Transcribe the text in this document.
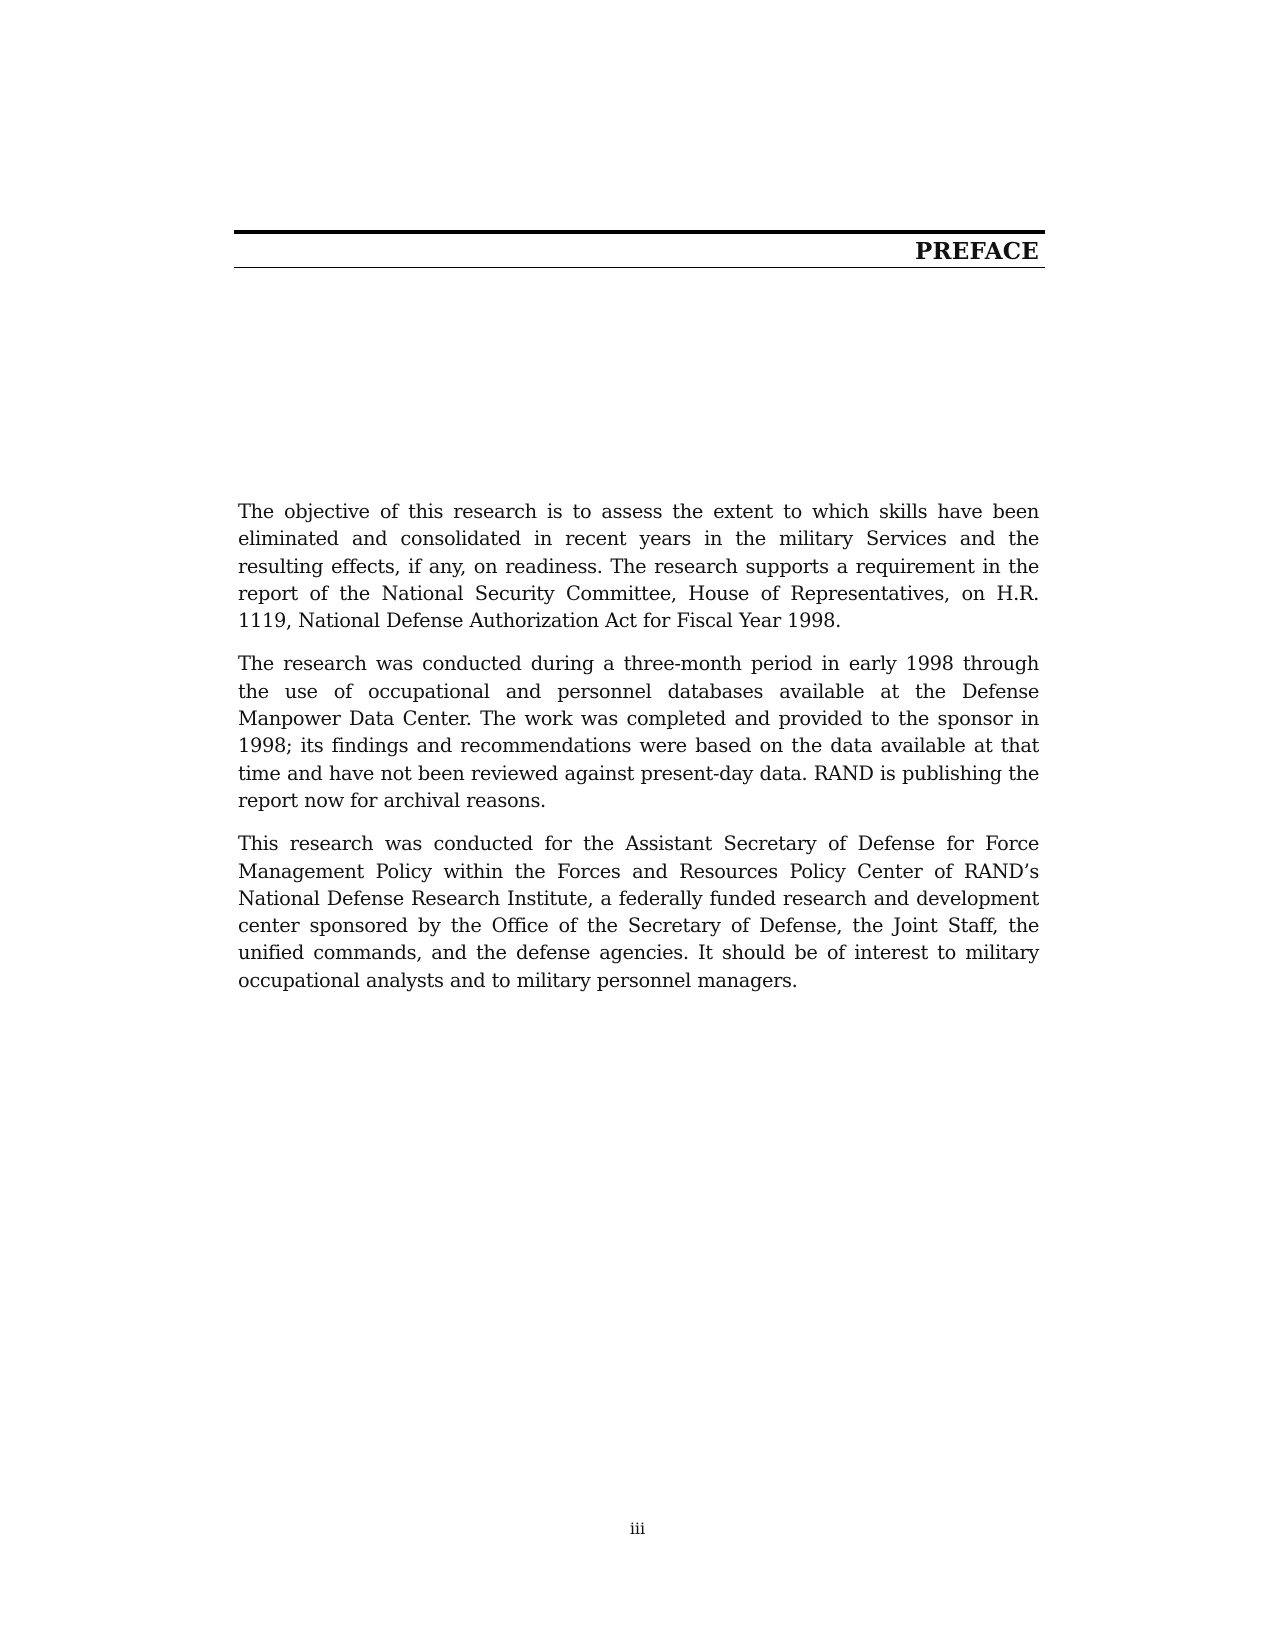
PREFACE

The objective of this research is to assess the extent to which skills have been eliminated and consolidated in recent years in the military Services and the resulting effects, if any, on readiness. The research supports a requirement in the report of the National Security Committee, House of Representatives, on H.R. 1119, National Defense Authorization Act for Fiscal Year 1998.

The research was conducted during a three-month period in early 1998 through the use of occupational and personnel databases available at the Defense Manpower Data Center. The work was completed and provided to the sponsor in 1998; its findings and recommendations were based on the data available at that time and have not been reviewed against present-day data. RAND is publishing the report now for archival reasons.

This research was conducted for the Assistant Secretary of Defense for Force Management Policy within the Forces and Resources Policy Center of RAND’s National Defense Research Institute, a federally funded research and development center sponsored by the Office of the Secretary of Defense, the Joint Staff, the unified commands, and the defense agencies. It should be of interest to military occupational analysts and to military personnel managers.

iii
